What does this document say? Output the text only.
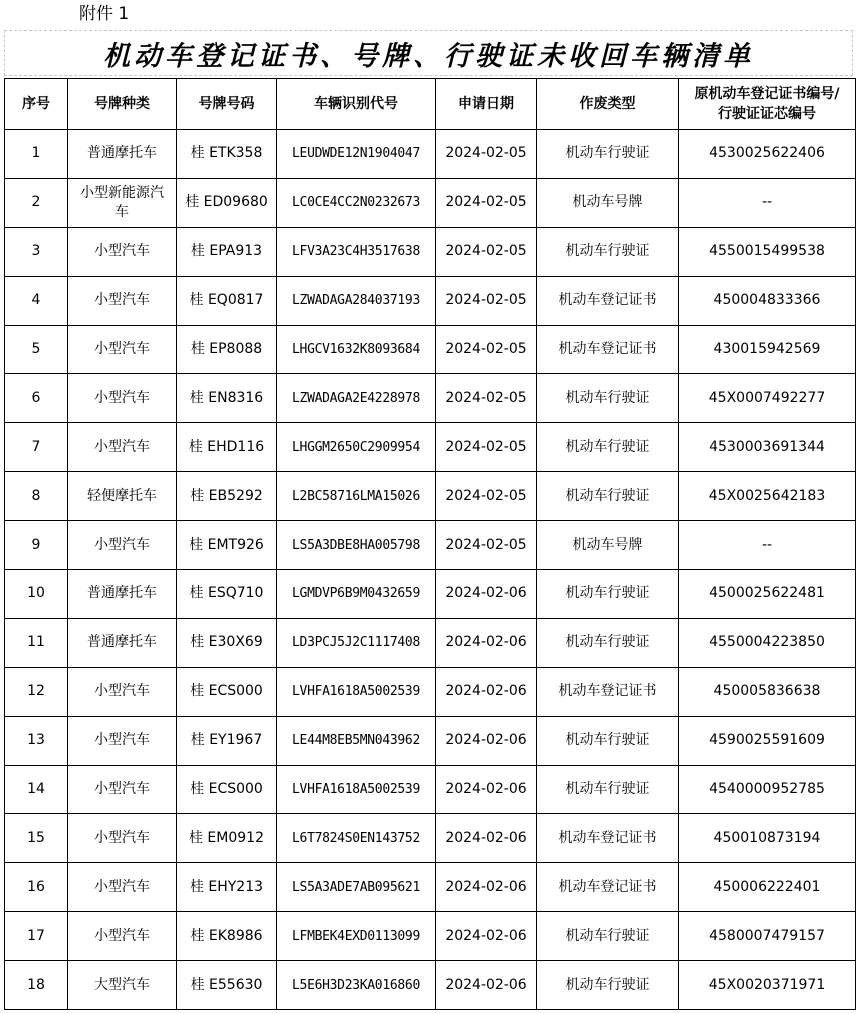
附件 1
机动车登记证书、号牌、行驶证未收回车辆清单
序号	号牌种类	号牌号码	车辆识别代号	申请日期	作废类型	原机动车登记证书编号/行驶证证芯编号
1	普通摩托车	桂 ETK358	LEUDWDE12N1904047	2024-02-05	机动车行驶证	4530025622406
2	小型新能源汽车	桂 ED09680	LC0CE4CC2N0232673	2024-02-05	机动车号牌	--
3	小型汽车	桂 EPA913	LFV3A23C4H3517638	2024-02-05	机动车行驶证	4550015499538
4	小型汽车	桂 EQ0817	LZWADAGA284037193	2024-02-05	机动车登记证书	450004833366
5	小型汽车	桂 EP8088	LHGCV1632K8093684	2024-02-05	机动车登记证书	430015942569
6	小型汽车	桂 EN8316	LZWADAGA2E4228978	2024-02-05	机动车行驶证	45X0007492277
7	小型汽车	桂 EHD116	LHGGM2650C2909954	2024-02-05	机动车行驶证	4530003691344
8	轻便摩托车	桂 EB5292	L2BC58716LMA15026	2024-02-05	机动车行驶证	45X0025642183
9	小型汽车	桂 EMT926	LS5A3DBE8HA005798	2024-02-05	机动车号牌	--
10	普通摩托车	桂 ESQ710	LGMDVP6B9M0432659	2024-02-06	机动车行驶证	4500025622481
11	普通摩托车	桂 E30X69	LD3PCJ5J2C1117408	2024-02-06	机动车行驶证	4550004223850
12	小型汽车	桂 ECS000	LVHFA1618A5002539	2024-02-06	机动车登记证书	450005836638
13	小型汽车	桂 EY1967	LE44M8EB5MN043962	2024-02-06	机动车行驶证	4590025591609
14	小型汽车	桂 ECS000	LVHFA1618A5002539	2024-02-06	机动车行驶证	4540000952785
15	小型汽车	桂 EM0912	L6T7824S0EN143752	2024-02-06	机动车登记证书	450010873194
16	小型汽车	桂 EHY213	LS5A3ADE7AB095621	2024-02-06	机动车登记证书	450006222401
17	小型汽车	桂 EK8986	LFMBEK4EXD0113099	2024-02-06	机动车行驶证	4580007479157
18	大型汽车	桂 E55630	L5E6H3D23KA016860	2024-02-06	机动车行驶证	45X0020371971
